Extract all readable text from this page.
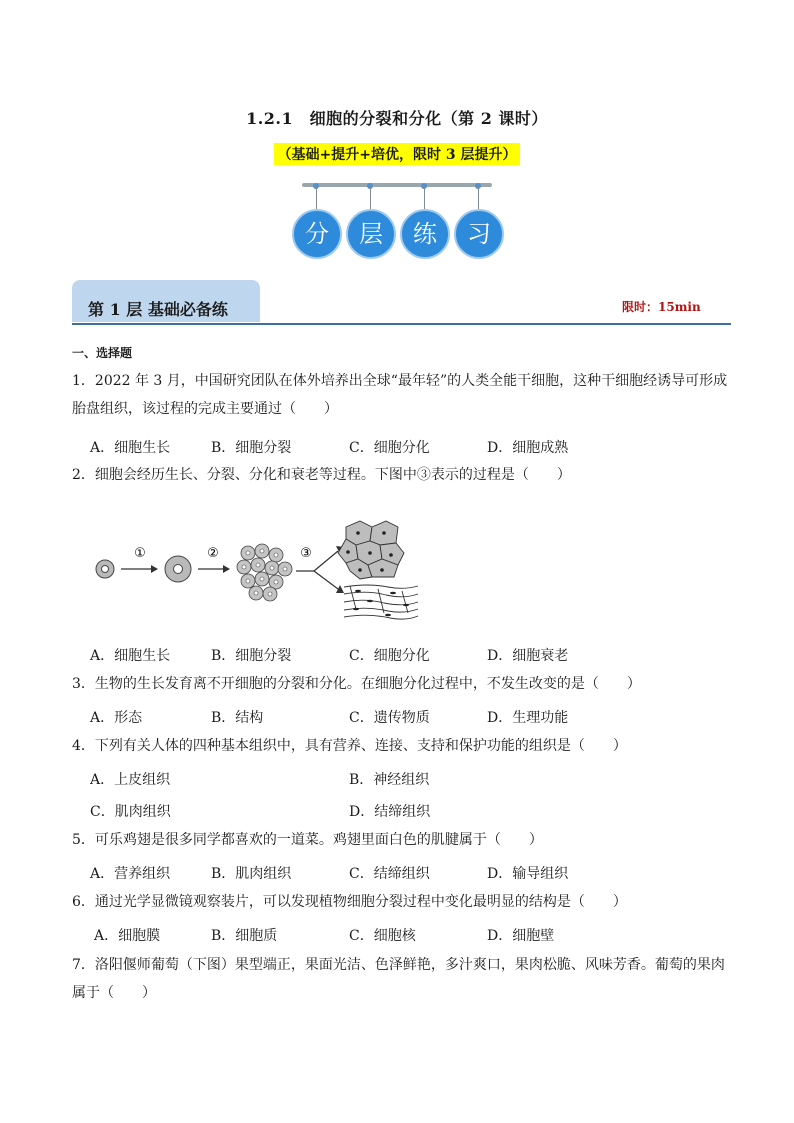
1.2.1　细胞的分裂和分化（第 2 课时）
（基础+提升+培优，限时 3 层提升）
分	层	练	习
第 1 层 基础必备练	限时：15min
一、选择题
1．2022 年 3 月，中国研究团队在体外培养出全球“最年轻”的人类全能干细胞，这种干细胞经诱导可形成胎盘组织，该过程的完成主要通过（　　）
A．细胞生长	B．细胞分裂	C．细胞分化	D．细胞成熟
2．细胞会经历生长、分裂、分化和衰老等过程。下图中③表示的过程是（　　）
①	②	③
A．细胞生长	B．细胞分裂	C．细胞分化	D．细胞衰老
3．生物的生长发育离不开细胞的分裂和分化。在细胞分化过程中，不发生改变的是（　　）
A．形态	B．结构	C．遗传物质	D．生理功能
4．下列有关人体的四种基本组织中，具有营养、连接、支持和保护功能的组织是（　　）
A．上皮组织	B．神经组织
C．肌肉组织	D．结缔组织
5．可乐鸡翅是很多同学都喜欢的一道菜。鸡翅里面白色的肌腱属于（　　）
A．营养组织	B．肌肉组织	C．结缔组织	D．输导组织
6．通过光学显微镜观察装片，可以发现植物细胞分裂过程中变化最明显的结构是（　　）
A．细胞膜	B．细胞质	C．细胞核	D．细胞壁
7．洛阳偃师葡萄（下图）果型端正，果面光洁、色泽鲜艳，多汁爽口，果肉松脆、风味芳香。葡萄的果肉属于（　　）
